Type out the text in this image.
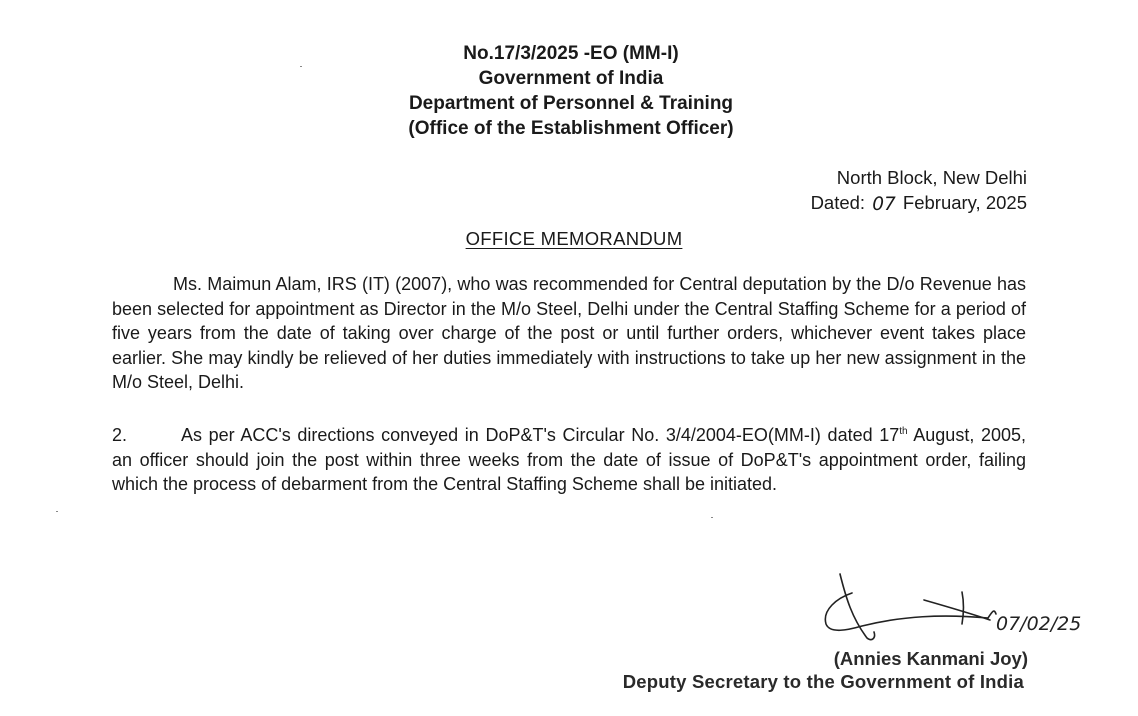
No.17/3/2025 -EO (MM-I)
Government of India
Department of Personnel & Training
(Office of the Establishment Officer)
North Block, New Delhi
Dated: 07 February, 2025
OFFICE MEMORANDUM
Ms. Maimun Alam, IRS (IT) (2007), who was recommended for Central deputation by the D/o Revenue has been selected for appointment as Director in the M/o Steel, Delhi under the Central Staffing Scheme for a period of five years from the date of taking over charge of the post or until further orders, whichever event takes place earlier. She may kindly be relieved of her duties immediately with instructions to take up her new assignment in the M/o Steel, Delhi.
2.	As per ACC's directions conveyed in DoP&T's Circular No. 3/4/2004-EO(MM-I) dated 17th August, 2005, an officer should join the post within three weeks from the date of issue of DoP&T's appointment order, failing which the process of debarment from the Central Staffing Scheme shall be initiated.
07/02/25
(Annies Kanmani Joy)
Deputy Secretary to the Government of India
